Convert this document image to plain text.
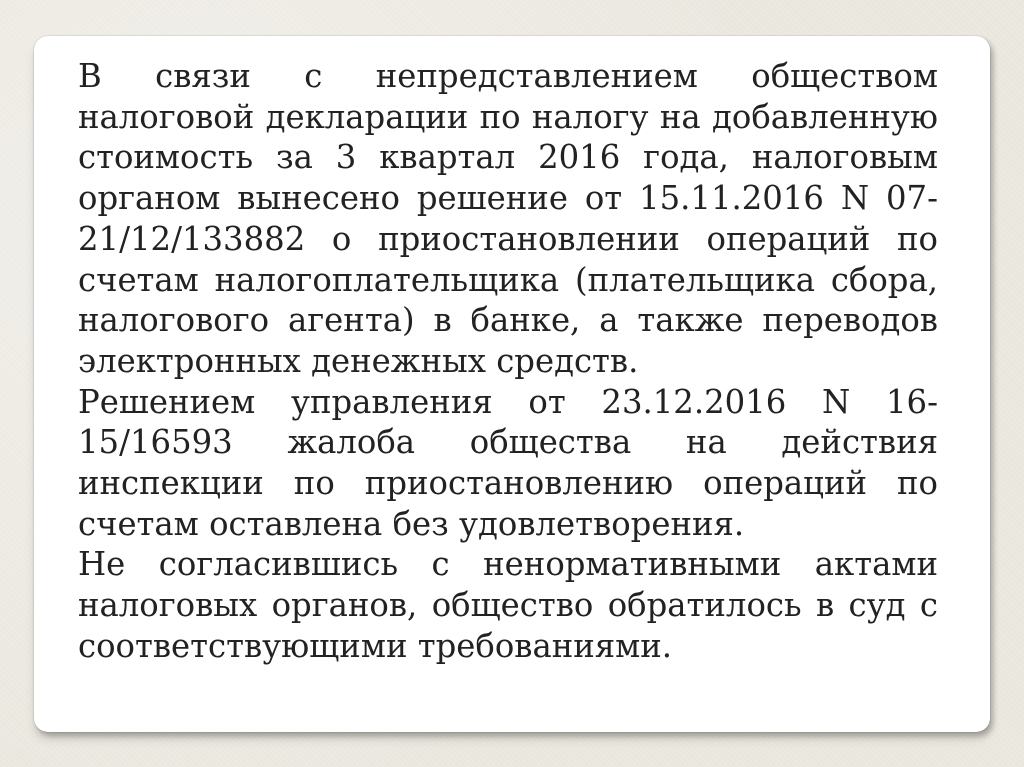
В связи с непредставлением обществом налоговой декларации по налогу на добавленную стоимость за 3 квартал 2016 года, налоговым органом вынесено решение от 15.11.2016 N 07-21/12/133882 о приостановлении операций по счетам налогоплательщика (плательщика сбора, налогового агента) в банке, а также переводов электронных денежных средств.

Решением управления от 23.12.2016 N 16-15/16593 жалоба общества на действия инспекции по приостановлению операций по счетам оставлена без удовлетворения.

Не согласившись с ненормативными актами налоговых органов, общество обратилось в суд с соответствующими требованиями.
